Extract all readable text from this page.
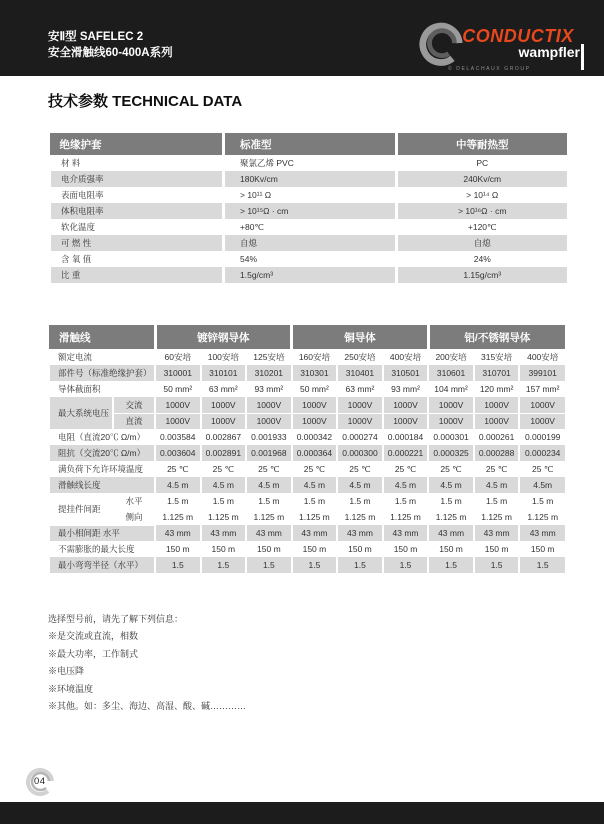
安Ⅱ型 SAFELEC 2
安全滑触线60-400A系列
CONDUCTIX
wampfler
© DELACHAUX GROUP
技术参数 TECHNICAL DATA
绝缘护套	标准型	中等耐热型
材 料	聚氯乙烯 PVC	PC
电介质强率	180Kv/cm	240Kv/cm
表面电阻率	> 10¹¹ Ω	> 10¹⁴ Ω
体积电阻率	> 10¹⁵Ω · cm	> 10¹⁶Ω · cm
软化温度	+80℃	+120℃
可 燃 性	自熄	自熄
含 氧 值	54%	24%
比 重	1.5g/cm³	1.15g/cm³
滑触线		镀锌钢导体			铜导体			铝/不锈钢导体		
额定电流		60安培	100安培	125安培	160安培	250安培	400安培	200安培	315安培	400安培
部件号（标准绝缘护套）		310001	310101	310201	310301	310401	310501	310601	310701	399101
导体截面积		50 mm²	63 mm²	93 mm²	50 mm²	63 mm²	93 mm²	104 mm²	120 mm²	157 mm²
最大系统电压	交流	1000V	1000V	1000V	1000V	1000V	1000V	1000V	1000V	1000V
	直流	1000V	1000V	1000V	1000V	1000V	1000V	1000V	1000V	1000V
电阻（直流20℃ Ω/m）		0.003584	0.002867	0.001933	0.000342	0.000274	0.000184	0.000301	0.000261	0.000199
阻抗（交流20℃ Ω/m）		0.003604	0.002891	0.001968	0.000364	0.000300	0.000221	0.000325	0.000288	0.000234
满负荷下允许环境温度		25 ℃	25 ℃	25 ℃	25 ℃	25 ℃	25 ℃	25 ℃	25 ℃	25 ℃
滑触线长度		4.5 m	4.5 m	4.5 m	4.5 m	4.5 m	4.5 m	4.5 m	4.5 m	4.5m
提挂件间距	水平	1.5 m	1.5 m	1.5 m	1.5 m	1.5 m	1.5 m	1.5 m	1.5 m	1.5 m
	侧向	1.125 m	1.125 m	1.125 m	1.125 m	1.125 m	1.125 m	1.125 m	1.125 m	1.125 m
最小相间距 水平		43 mm	43 mm	43 mm	43 mm	43 mm	43 mm	43 mm	43 mm	43 mm
不需膨胀的最大长度		150 m	150 m	150 m	150 m	150 m	150 m	150 m	150 m	150 m
最小弯弯半径（水平）		1.5	1.5	1.5	1.5	1.5	1.5	1.5	1.5	1.5
选择型号前，请先了解下列信息：
※是交流或直流，相数
※最大功率，工作制式
※电压降
※环境温度
※其他。如：多尘、海边、高湿、酸、碱…………
04
